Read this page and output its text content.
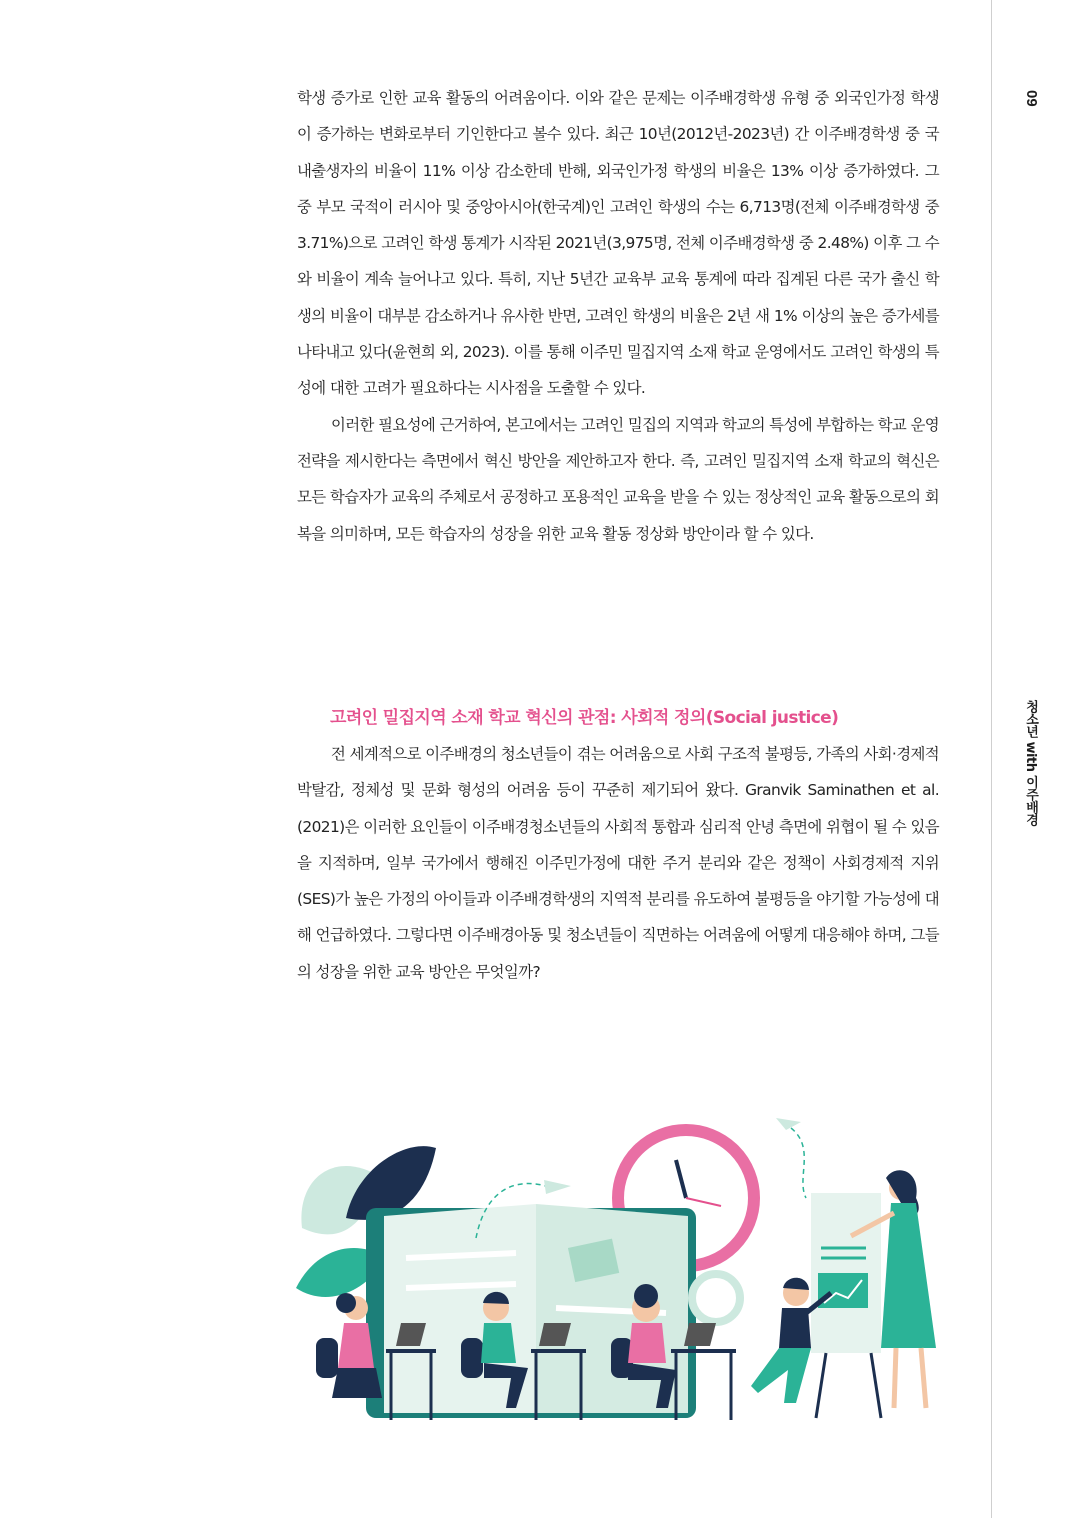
09
청소년 with 이주배경

학생 증가로 인한 교육 활동의 어려움이다. 이와 같은 문제는 이주배경학생 유형 중 외국인가정 학생이 증가하는 변화로부터 기인한다고 볼수 있다. 최근 10년(2012년-2023년) 간 이주배경학생 중 국내출생자의 비율이 11% 이상 감소한데 반해, 외국인가정 학생의 비율은 13% 이상 증가하였다. 그 중 부모 국적이 러시아 및 중앙아시아(한국계)인 고려인 학생의 수는 6,713명(전체 이주배경학생 중 3.71%)으로 고려인 학생 통계가 시작된 2021년(3,975명, 전체 이주배경학생 중 2.48%) 이후 그 수와 비율이 계속 늘어나고 있다. 특히, 지난 5년간 교육부 교육 통계에 따라 집계된 다른 국가 출신 학생의 비율이 대부분 감소하거나 유사한 반면, 고려인 학생의 비율은 2년 새 1% 이상의 높은 증가세를 나타내고 있다(윤현희 외, 2023). 이를 통해 이주민 밀집지역 소재 학교 운영에서도 고려인 학생의 특성에 대한 고려가 필요하다는 시사점을 도출할 수 있다.

이러한 필요성에 근거하여, 본고에서는 고려인 밀집의 지역과 학교의 특성에 부합하는 학교 운영 전략을 제시한다는 측면에서 혁신 방안을 제안하고자 한다. 즉, 고려인 밀집지역 소재 학교의 혁신은 모든 학습자가 교육의 주체로서 공정하고 포용적인 교육을 받을 수 있는 정상적인 교육 활동으로의 회복을 의미하며, 모든 학습자의 성장을 위한 교육 활동 정상화 방안이라 할 수 있다.

고려인 밀집지역 소재 학교 혁신의 관점: 사회적 정의(Social justice)

전 세계적으로 이주배경의 청소년들이 겪는 어려움으로 사회 구조적 불평등, 가족의 사회·경제적 박탈감, 정체성 및 문화 형성의 어려움 등이 꾸준히 제기되어 왔다. Granvik Saminathen et al.(2021)은 이러한 요인들이 이주배경청소년들의 사회적 통합과 심리적 안녕 측면에 위협이 될 수 있음을 지적하며, 일부 국가에서 행해진 이주민가정에 대한 주거 분리와 같은 정책이 사회경제적 지위(SES)가 높은 가정의 아이들과 이주배경학생의 지역적 분리를 유도하여 불평등을 야기할 가능성에 대해 언급하였다. 그렇다면 이주배경아동 및 청소년들이 직면하는 어려움에 어떻게 대응해야 하며, 그들의 성장을 위한 교육 방안은 무엇일까?
